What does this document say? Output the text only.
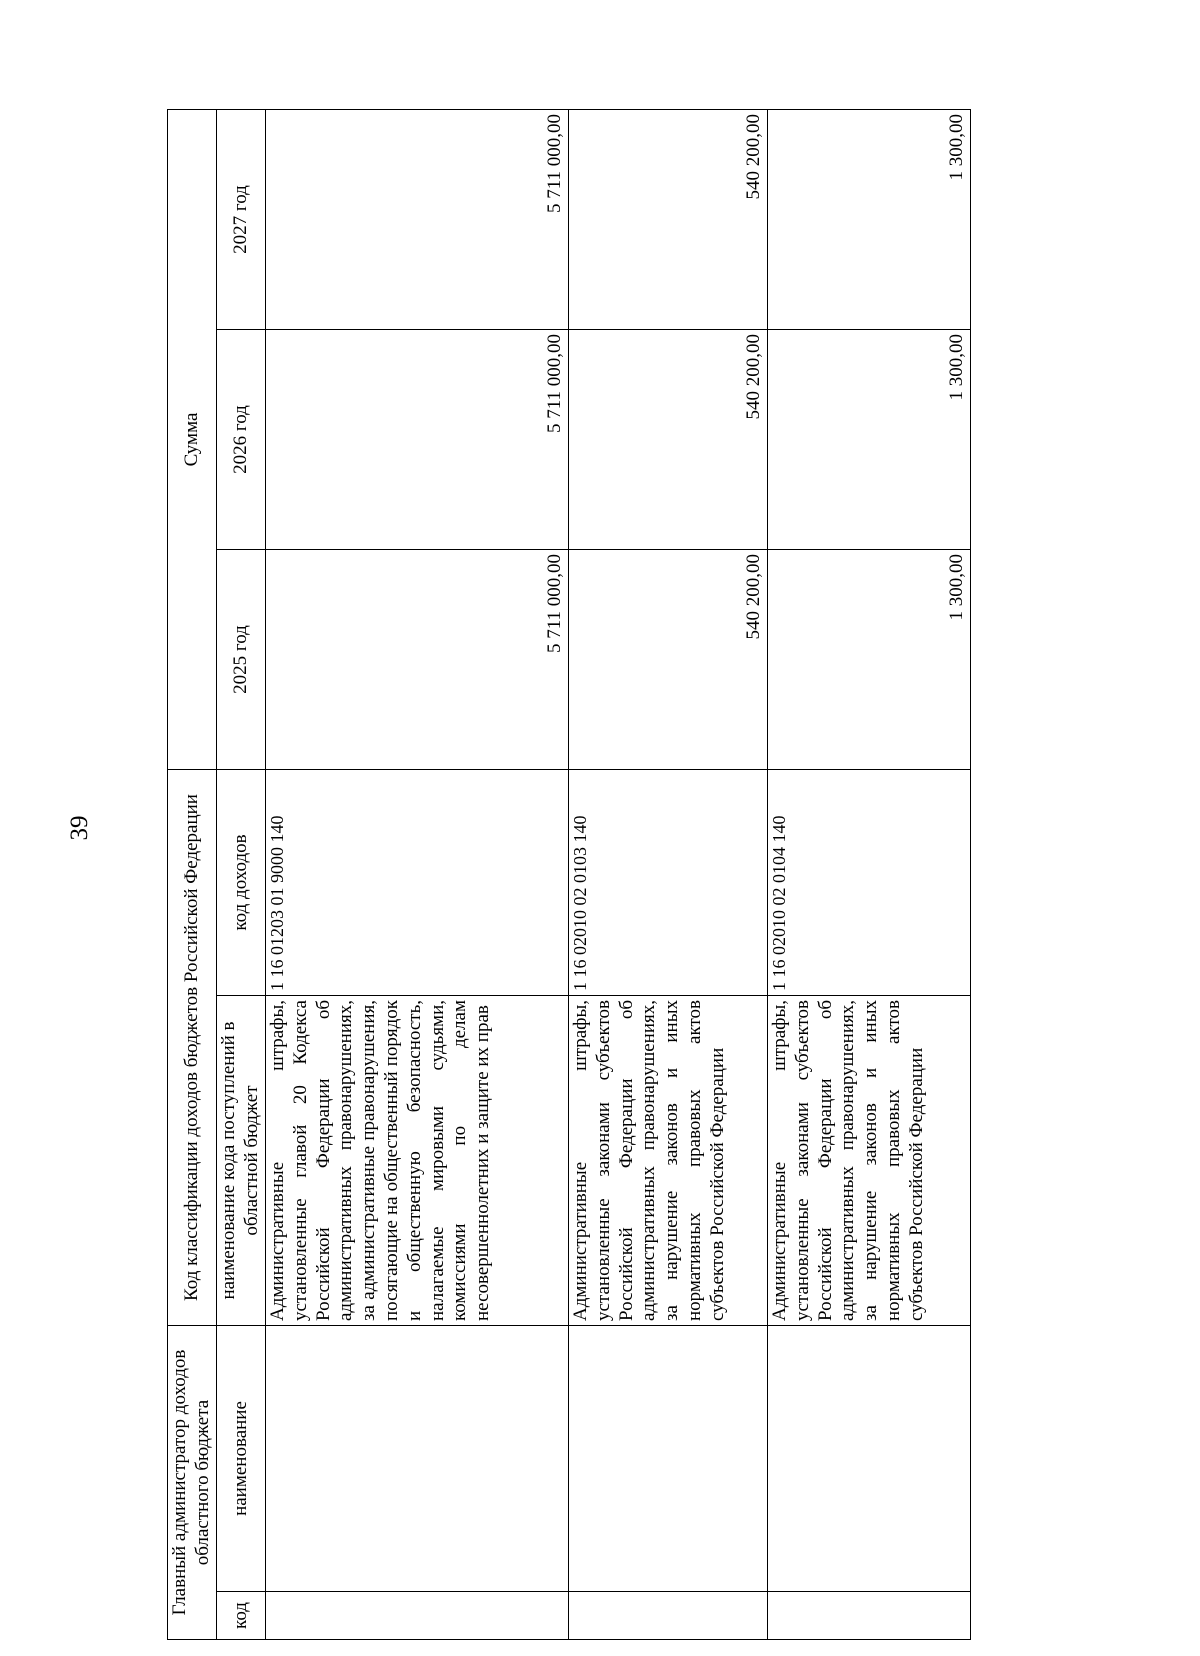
39
Главный администратор доходов областного бюджета		Код классификации доходов бюджетов Российской Федерации		Сумма		
код	наименование	наименование кода поступлений в областной бюджет	код доходов	2025 год	2026 год	2027 год
		Административные штрафы, установленные главой 20 Кодекса Российской Федерации об административных правонарушениях, за административные правонарушения, посягающие на общественный порядок и общественную безопасность, налагаемые мировыми судьями, комиссиями по делам несовершеннолетних и защите их прав	1 16 01203 01 9000 140	5 711 000,00	5 711 000,00	5 711 000,00
		Административные штрафы, установленные законами субъектов Российской Федерации об административных правонарушениях, за нарушение законов и иных нормативных правовых актов субъектов Российской Федерации	1 16 02010 02 0103 140	540 200,00	540 200,00	540 200,00
		Административные штрафы, установленные законами субъектов Российской Федерации об административных правонарушениях, за нарушение законов и иных нормативных правовых актов субъектов Российской Федерации	1 16 02010 02 0104 140	1 300,00	1 300,00	1 300,00
